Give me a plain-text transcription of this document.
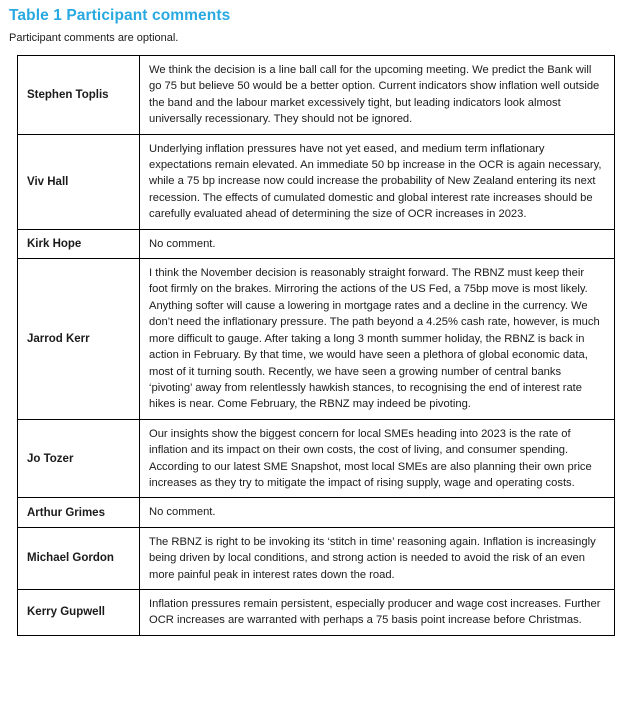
Table 1 Participant comments

Participant comments are optional.

Stephen Toplis	We think the decision is a line ball call for the upcoming meeting. We predict the Bank will go 75 but believe 50 would be a better option. Current indicators show inflation well outside the band and the labour market excessively tight, but leading indicators look almost universally recessionary. They should not be ignored.
Viv Hall	Underlying inflation pressures have not yet eased, and medium term inflationary expectations remain elevated. An immediate 50 bp increase in the OCR is again necessary, while a 75 bp increase now could increase the probability of New Zealand entering its next recession. The effects of cumulated domestic and global interest rate increases should be carefully evaluated ahead of determining the size of OCR increases in 2023.
Kirk Hope	No comment.
Jarrod Kerr	I think the November decision is reasonably straight forward. The RBNZ must keep their foot firmly on the brakes. Mirroring the actions of the US Fed, a 75bp move is most likely. Anything softer will cause a lowering in mortgage rates and a decline in the currency. We don’t need the inflationary pressure. The path beyond a 4.25% cash rate, however, is much more difficult to gauge. After taking a long 3 month summer holiday, the RBNZ is back in action in February. By that time, we would have seen a plethora of global economic data, most of it turning south. Recently, we have seen a growing number of central banks ‘pivoting’ away from relentlessly hawkish stances, to recognising the end of interest rate hikes is near. Come February, the RBNZ may indeed be pivoting.
Jo Tozer	Our insights show the biggest concern for local SMEs heading into 2023 is the rate of inflation and its impact on their own costs, the cost of living, and consumer spending. According to our latest SME Snapshot, most local SMEs are also planning their own price increases as they try to mitigate the impact of rising supply, wage and operating costs.
Arthur Grimes	No comment.
Michael Gordon	The RBNZ is right to be invoking its ‘stitch in time’ reasoning again. Inflation is increasingly being driven by local conditions, and strong action is needed to avoid the risk of an even more painful peak in interest rates down the road.
Kerry Gupwell	Inflation pressures remain persistent, especially producer and wage cost increases. Further OCR increases are warranted with perhaps a 75 basis point increase before Christmas.
